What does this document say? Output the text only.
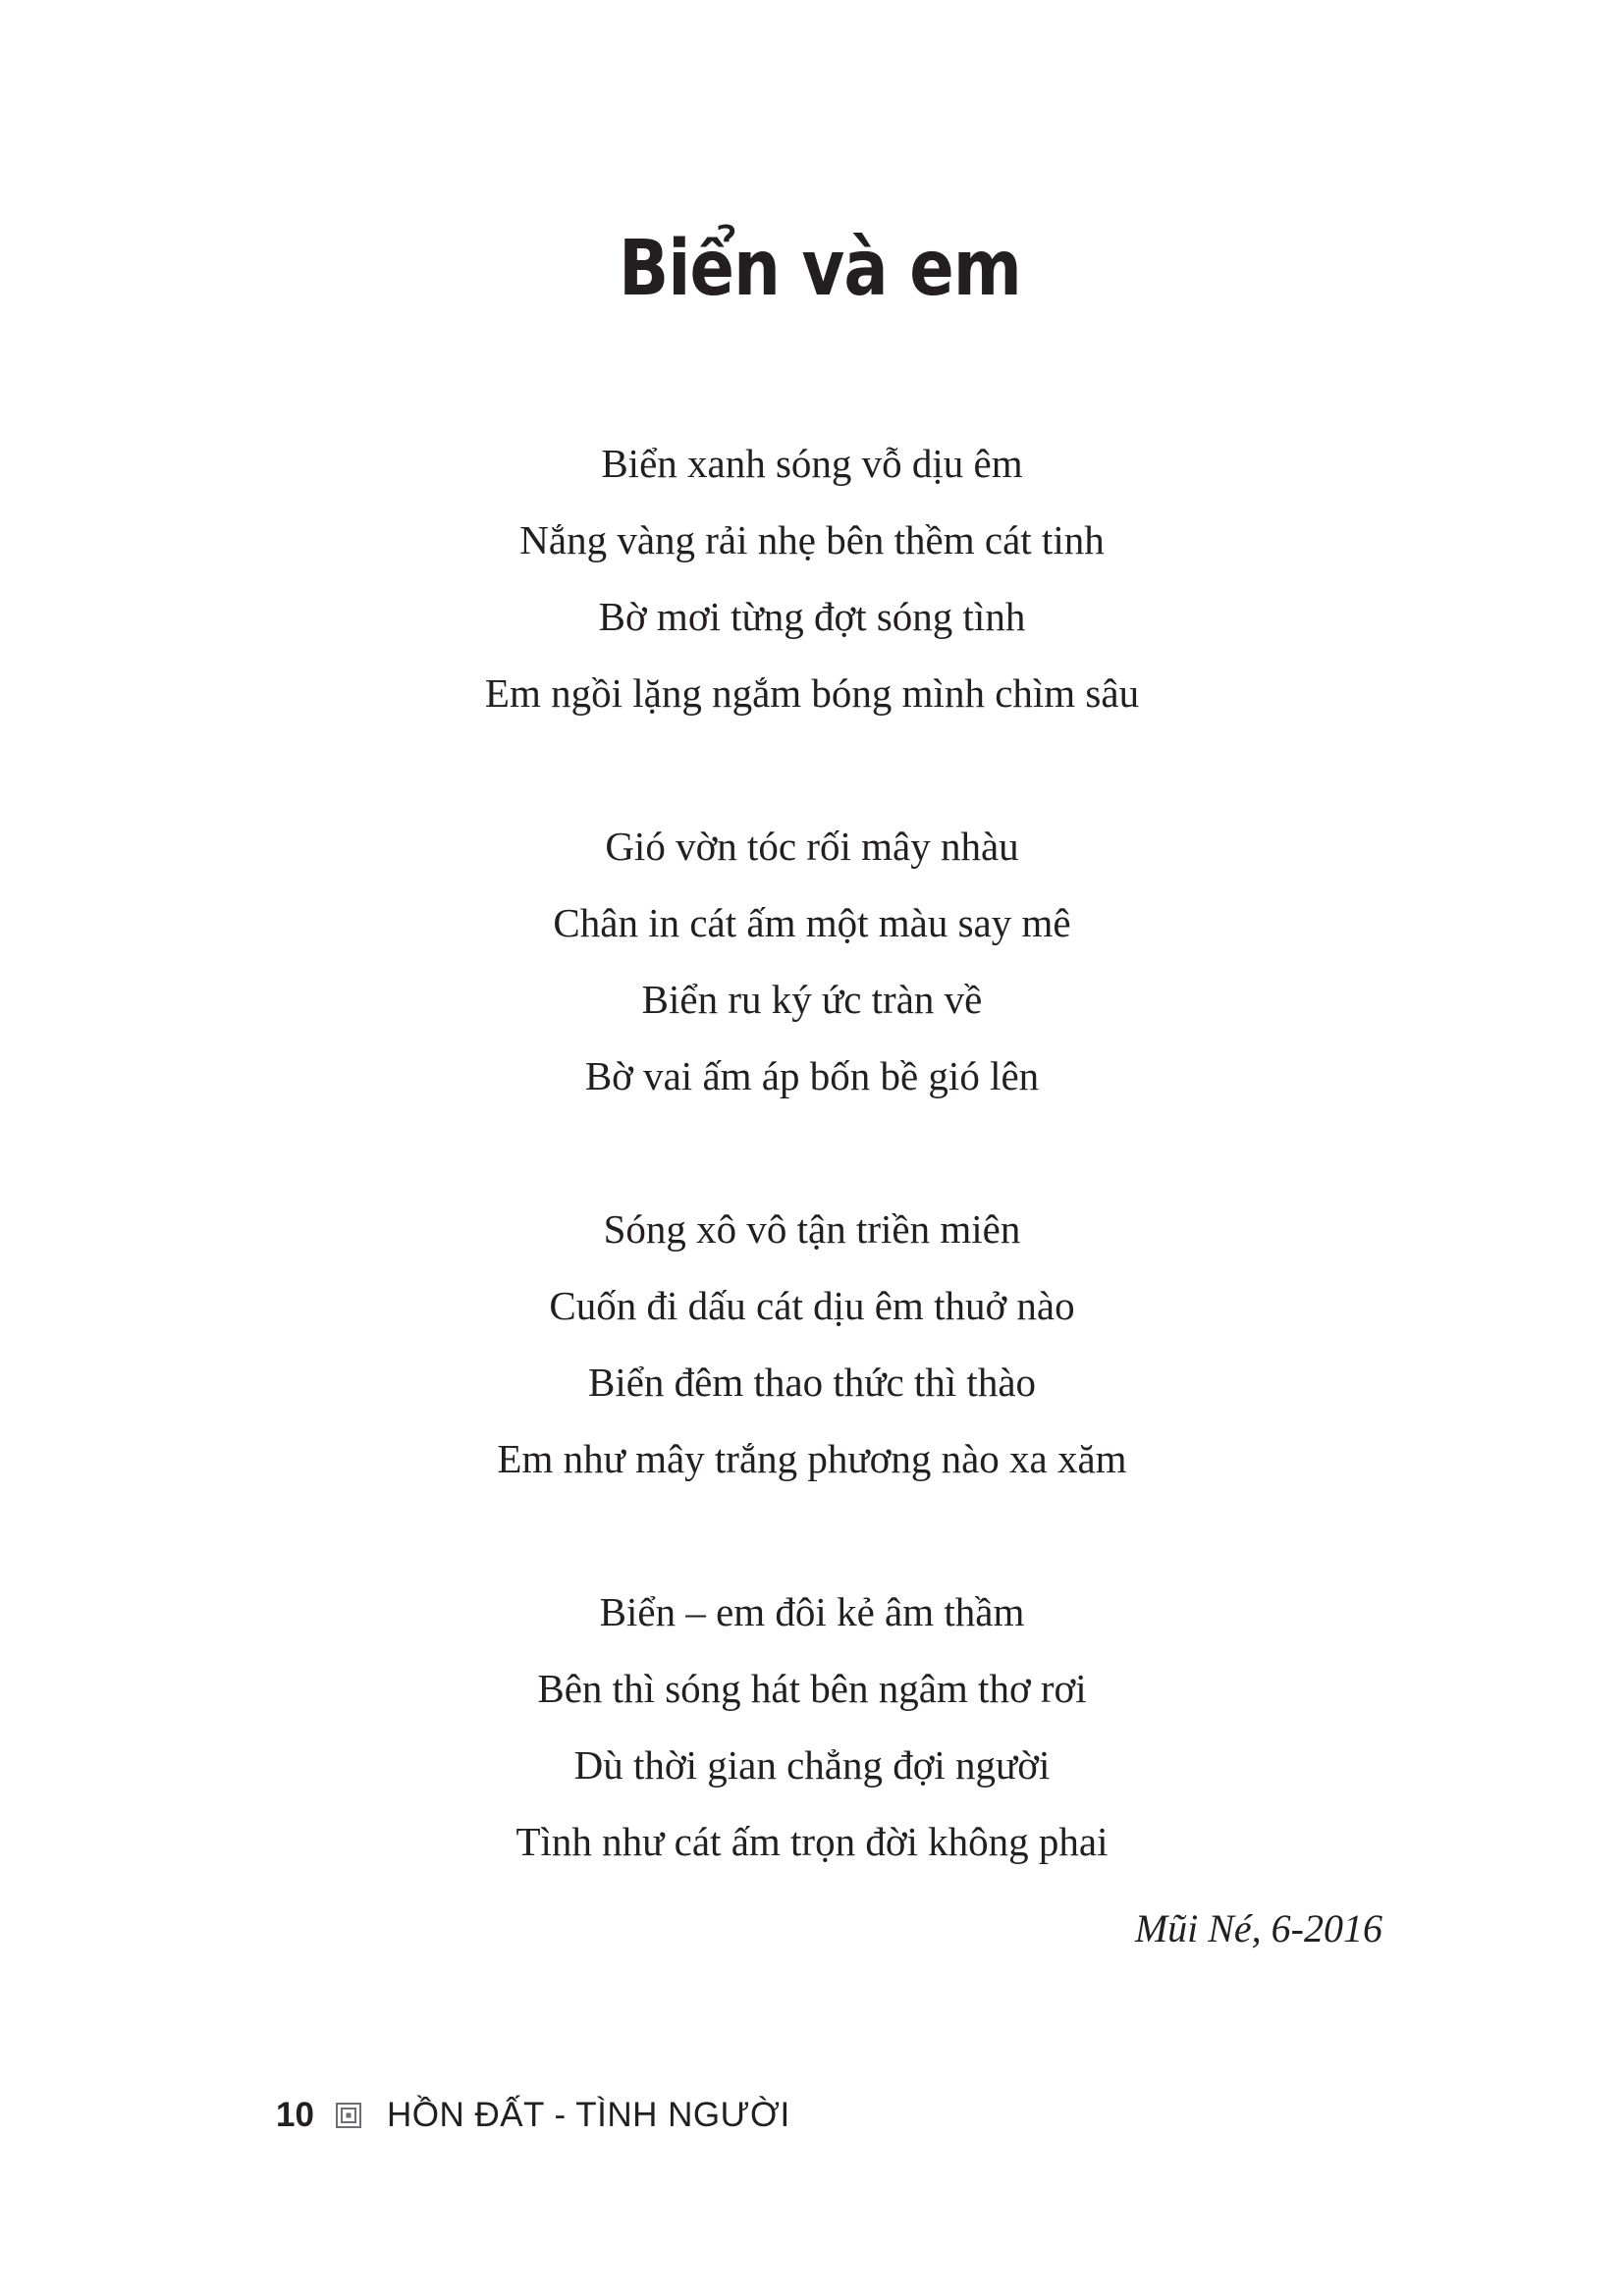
Biển và em
Biển xanh sóng vỗ dịu êm
Nắng vàng rải nhẹ bên thềm cát tinh
Bờ mơi từng đợt sóng tình
Em ngồi lặng ngắm bóng mình chìm sâu
Gió vờn tóc rối mây nhàu
Chân in cát ấm một màu say mê
Biển ru ký ức tràn về
Bờ vai ấm áp bốn bề gió lên
Sóng xô vô tận triền miên
Cuốn đi dấu cát dịu êm thuở nào
Biển đêm thao thức thì thào
Em như mây trắng phương nào xa xăm
Biển – em đôi kẻ âm thầm
Bên thì sóng hát bên ngâm thơ rơi
Dù thời gian chẳng đợi người
Tình như cát ấm trọn đời không phai
Mũi Né, 6-2016
10 HỒN ĐẤT - TÌNH NGƯỜI
